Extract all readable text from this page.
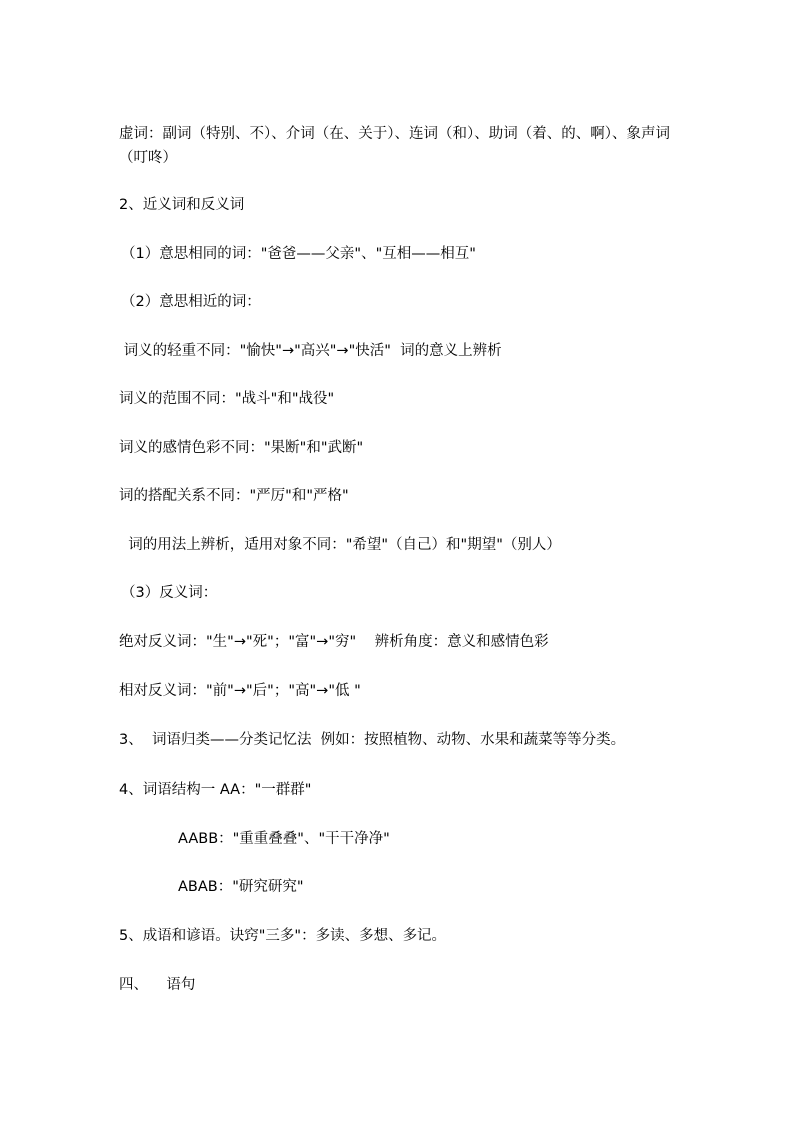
虚词：副词（特别、不）、介词（在、关于）、连词（和）、助词（着、的、啊）、象声词（叮咚）
2、近义词和反义词
（1）意思相同的词："爸爸——父亲"、"互相——相互"
（2）意思相近的词：
词义的轻重不同："愉快"→"高兴"→"快活"  词的意义上辨析
词义的范围不同："战斗"和"战役"
词义的感情色彩不同："果断"和"武断"
词的搭配关系不同："严厉"和"严格"
词的用法上辨析，适用对象不同："希望"（自己）和"期望"（别人）
（3）反义词：
绝对反义词："生"→"死"；"富"→"穷"    辨析角度：意义和感情色彩
相对反义词："前"→"后"；"高"→"低 "
3、  词语归类——分类记忆法  例如：按照植物、动物、水果和蔬菜等等分类。
4、词语结构一 AA："一群群"
AABB："重重叠叠"、"干干净净"
ABAB："研究研究"
5、成语和谚语。诀窍"三多"：多读、多想、多记。
四、    语句
